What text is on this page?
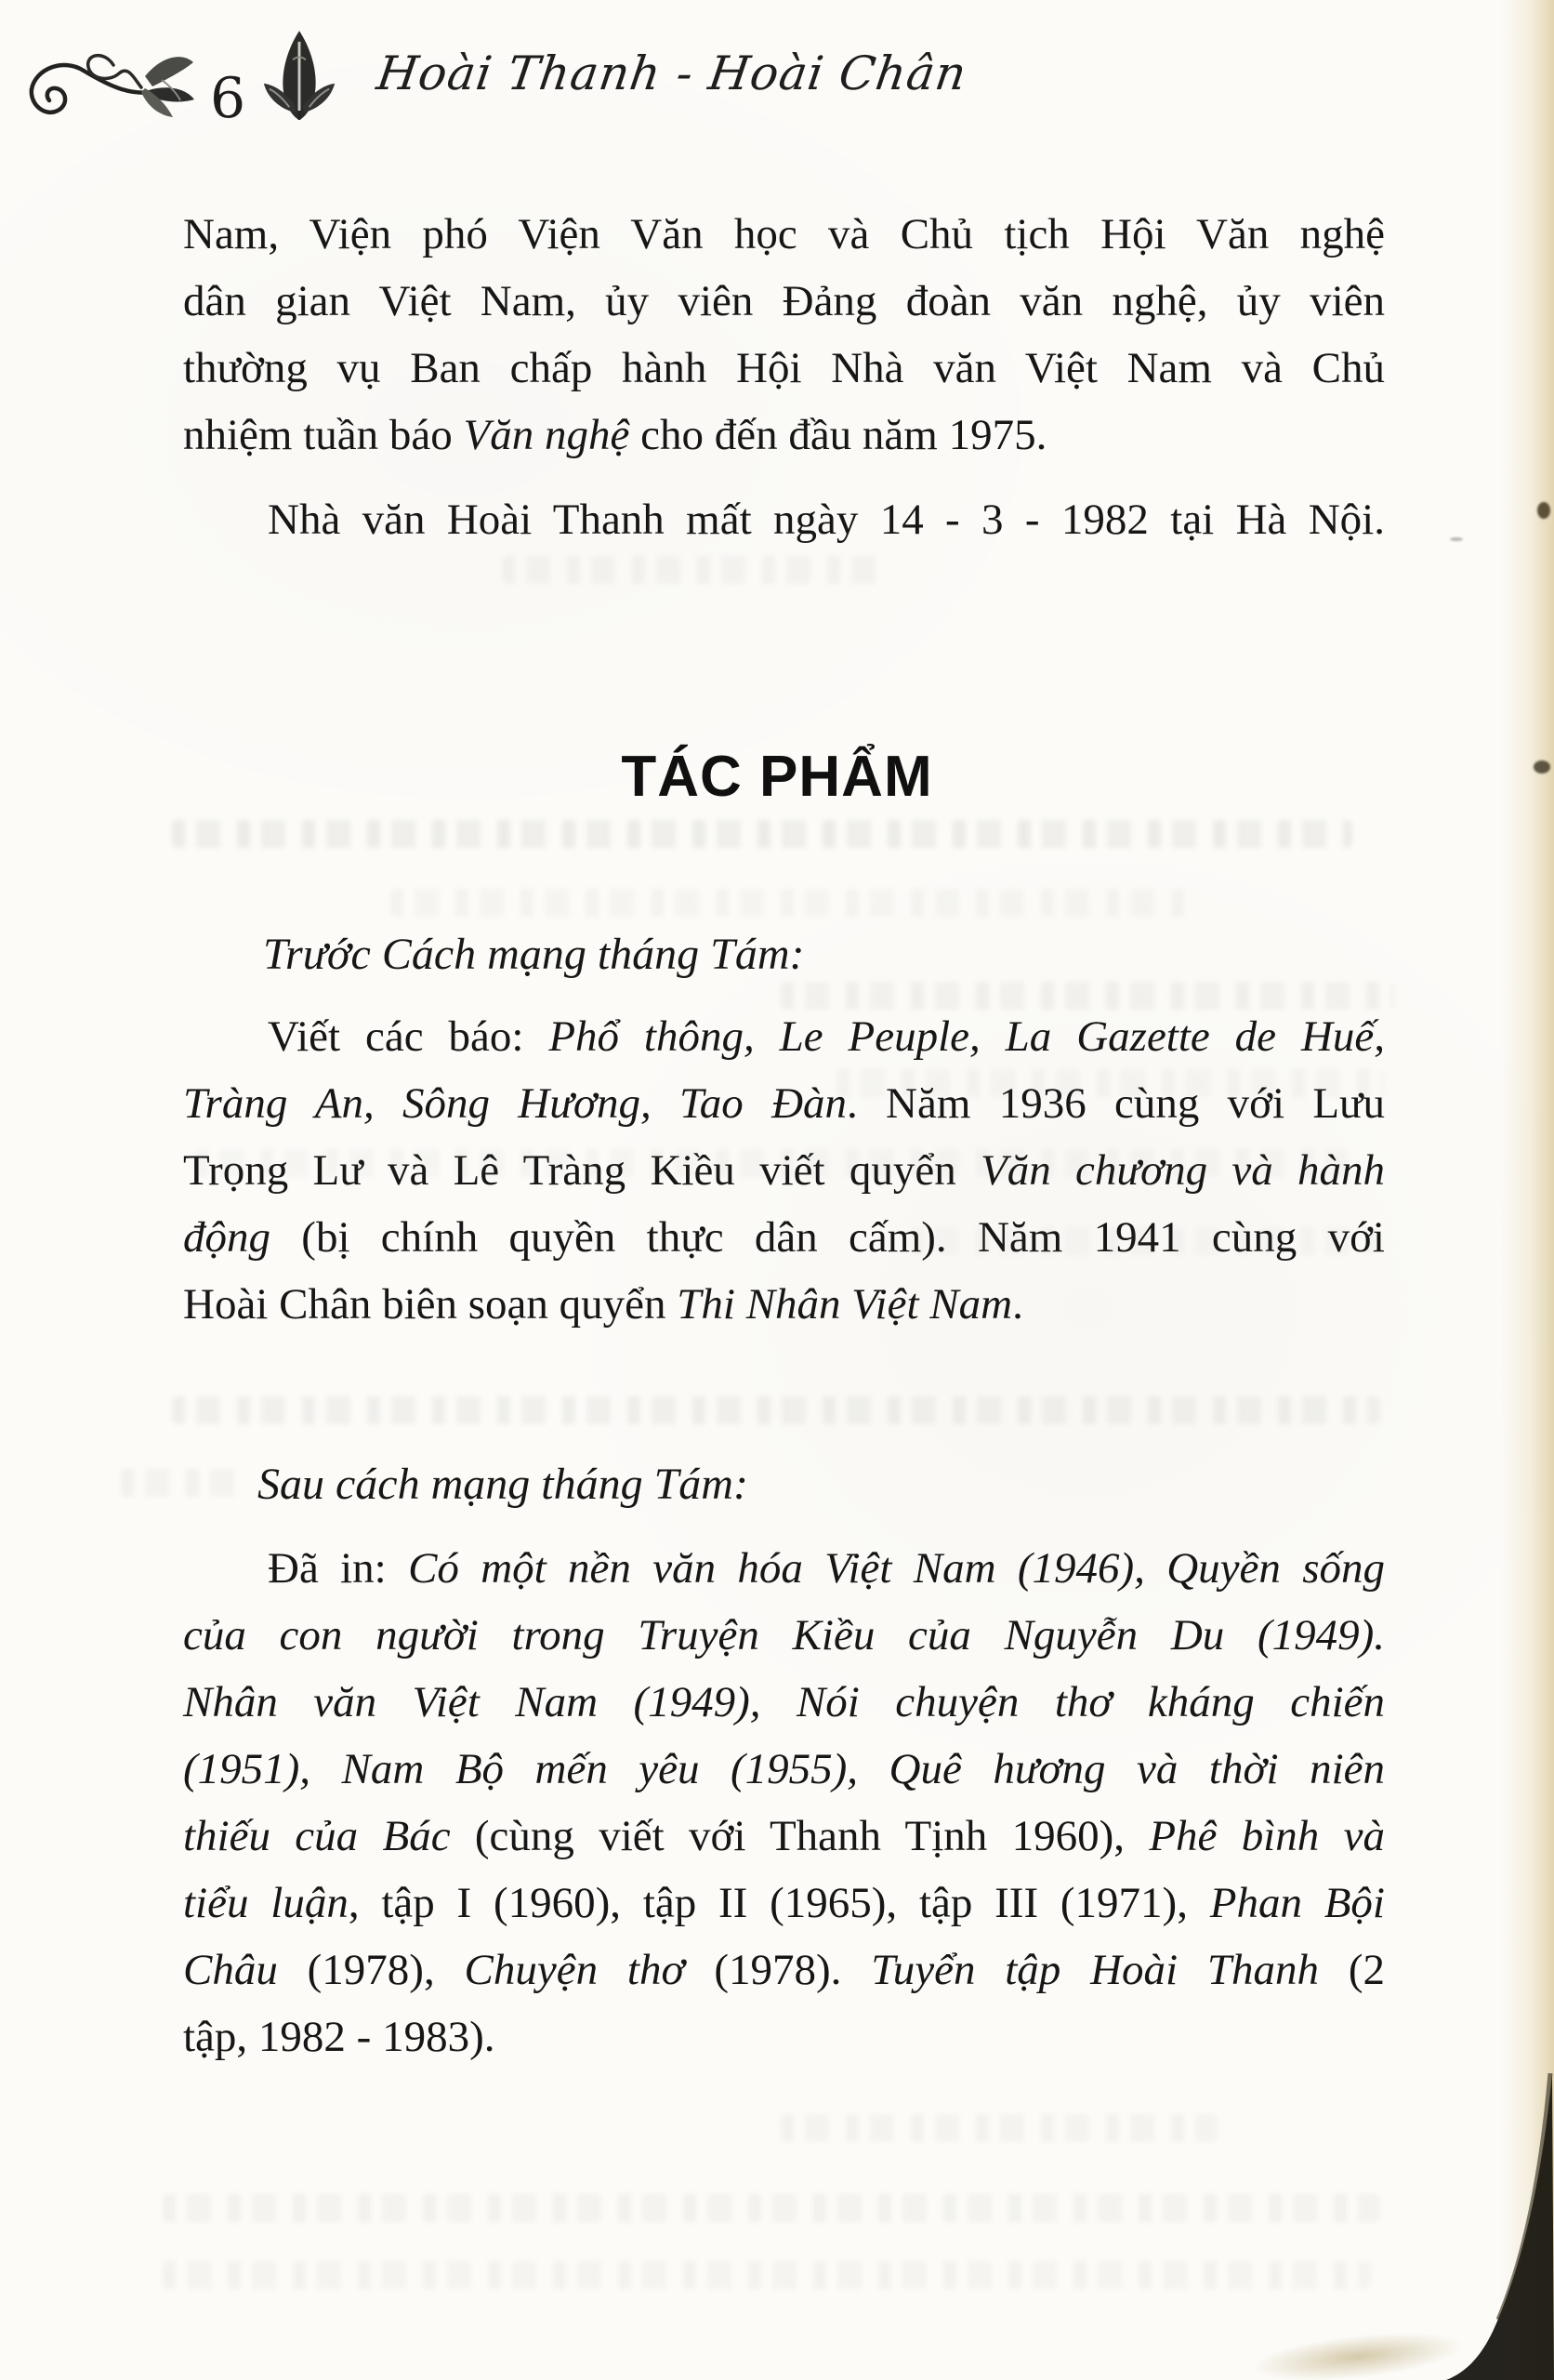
6	Hoài Thanh - Hoài Chân
Nam, Viện phó Viện Văn học và Chủ tịch Hội Văn nghệ
dân gian Việt Nam, ủy viên Đảng đoàn văn nghệ, ủy viên
thường vụ Ban chấp hành Hội Nhà văn Việt Nam và Chủ
nhiệm tuần báo Văn nghệ cho đến đầu năm 1975.
Nhà văn Hoài Thanh mất ngày 14 - 3 - 1982 tại Hà Nội.
TÁC PHẨM
Trước Cách mạng tháng Tám:
Viết các báo: Phổ thông, Le Peuple, La Gazette de Huế,
Tràng An, Sông Hương, Tao Đàn. Năm 1936 cùng với Lưu
Trọng Lư và Lê Tràng Kiều viết quyển Văn chương và hành
động (bị chính quyền thực dân cấm). Năm 1941 cùng với
Hoài Chân biên soạn quyển Thi Nhân Việt Nam.
Sau cách mạng tháng Tám:
Đã in: Có một nền văn hóa Việt Nam (1946), Quyền sống
của con người trong Truyện Kiều của Nguyễn Du (1949).
Nhân văn Việt Nam (1949), Nói chuyện thơ kháng chiến
(1951), Nam Bộ mến yêu (1955), Quê hương và thời niên
thiếu của Bác (cùng viết với Thanh Tịnh 1960), Phê bình và
tiểu luận, tập I (1960), tập II (1965), tập III (1971), Phan Bội
Châu (1978), Chuyện thơ (1978). Tuyển tập Hoài Thanh (2
tập, 1982 - 1983).
